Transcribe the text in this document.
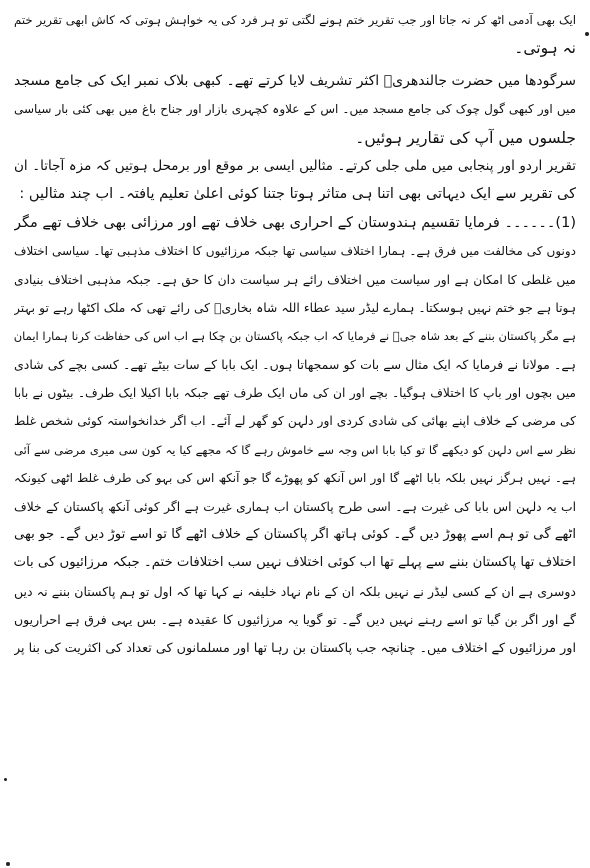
ایک بھی آدمی اٹھ کر نہ جاتا اور جب تقریر ختم ہونے لگتی تو ہر فرد کی یہ خواہش ہوتی کہ کاش ابھی تقریر ختم
نہ ہوتی۔
سرگودھا میں حضرت جالندھریؒ اکثر تشریف لایا کرتے تھے۔ کبھی بلاک نمبر ایک کی جامع مسجد
میں اور کبھی گول چوک کی جامع مسجد میں۔ اس کے علاوہ کچہری بازار اور جناح باغ میں بھی کئی بار سیاسی
جلسوں میں آپ کی تقاریر ہوئیں۔
تقریر اردو اور پنجابی میں ملی جلی کرتے۔ مثالیں ایسی بر موقع اور برمحل ہوتیں کہ مزہ آجاتا۔ ان
کی تقریر سے ایک دیہاتی بھی اتنا ہی متاثر ہوتا جتنا کوئی اعلیٰ تعلیم یافتہ۔ اب چند مثالیں :
(1)۔۔۔۔۔۔ فرمایا تقسیم ہندوستان کے احراری بھی خلاف تھے اور مرزائی بھی خلاف تھے مگر
دونوں کی مخالفت میں فرق ہے۔ ہمارا اختلاف سیاسی تھا جبکہ مرزائیوں کا اختلاف مذہبی تھا۔ سیاسی اختلاف
میں غلطی کا امکان ہے اور سیاست میں اختلاف رائے ہر سیاست دان کا حق ہے۔ جبکہ مذہبی اختلاف بنیادی
ہوتا ہے جو ختم نہیں ہوسکتا۔ ہمارے لیڈر سید عطاء اللہ شاہ بخاریؒ کی رائے تھی کہ ملک اکٹھا رہے تو بہتر
ہے مگر پاکستان بننے کے بعد شاہ جیؒ نے فرمایا کہ اب جبکہ پاکستان بن چکا ہے اب اس کی حفاظت کرنا ہمارا ایمان
ہے۔ مولانا نے فرمایا کہ ایک مثال سے بات کو سمجھاتا ہوں۔ ایک بابا کے سات بیٹے تھے۔ کسی بچے کی شادی
میں بچوں اور باپ کا اختلاف ہوگیا۔ بچے اور ان کی ماں ایک طرف تھے جبکہ بابا اکیلا ایک طرف۔ بیٹوں نے بابا
کی مرضی کے خلاف اپنے بھائی کی شادی کردی اور دلہن کو گھر لے آئے۔ اب اگر خدانخواستہ کوئی شخص غلط
نظر سے اس دلہن کو دیکھے گا تو کیا بابا اس وجہ سے خاموش رہے گا کہ مجھے کیا یہ کون سی میری مرضی سے آئی
ہے۔ نہیں ہرگز نہیں بلکہ بابا اٹھے گا اور اس آنکھ کو پھوڑے گا جو آنکھ اس کی بہو کی طرف غلط اٹھی کیونکہ
اب یہ دلہن اس بابا کی غیرت ہے۔ اسی طرح پاکستان اب ہماری غیرت ہے اگر کوئی آنکھ پاکستان کے خلاف
اٹھے گی تو ہم اسے پھوڑ دیں گے۔ کوئی ہاتھ اگر پاکستان کے خلاف اٹھے گا تو اسے توڑ دیں گے۔ جو بھی
اختلاف تھا پاکستان بننے سے پہلے تھا اب کوئی اختلاف نہیں سب اختلافات ختم۔ جبکہ مرزائیوں کی بات
دوسری ہے ان کے کسی لیڈر نے نہیں بلکہ ان کے نام نہاد خلیفہ نے کہا تھا کہ اول تو ہم پاکستان بننے نہ دیں
گے اور اگر بن گیا تو اسے رہنے نہیں دیں گے۔ تو گویا یہ مرزائیوں کا عقیدہ ہے۔ بس یہی فرق ہے احراریوں
اور مرزائیوں کے اختلاف میں۔ چنانچہ جب پاکستان بن رہا تھا اور مسلمانوں کی تعداد کی اکثریت کی بنا پر
